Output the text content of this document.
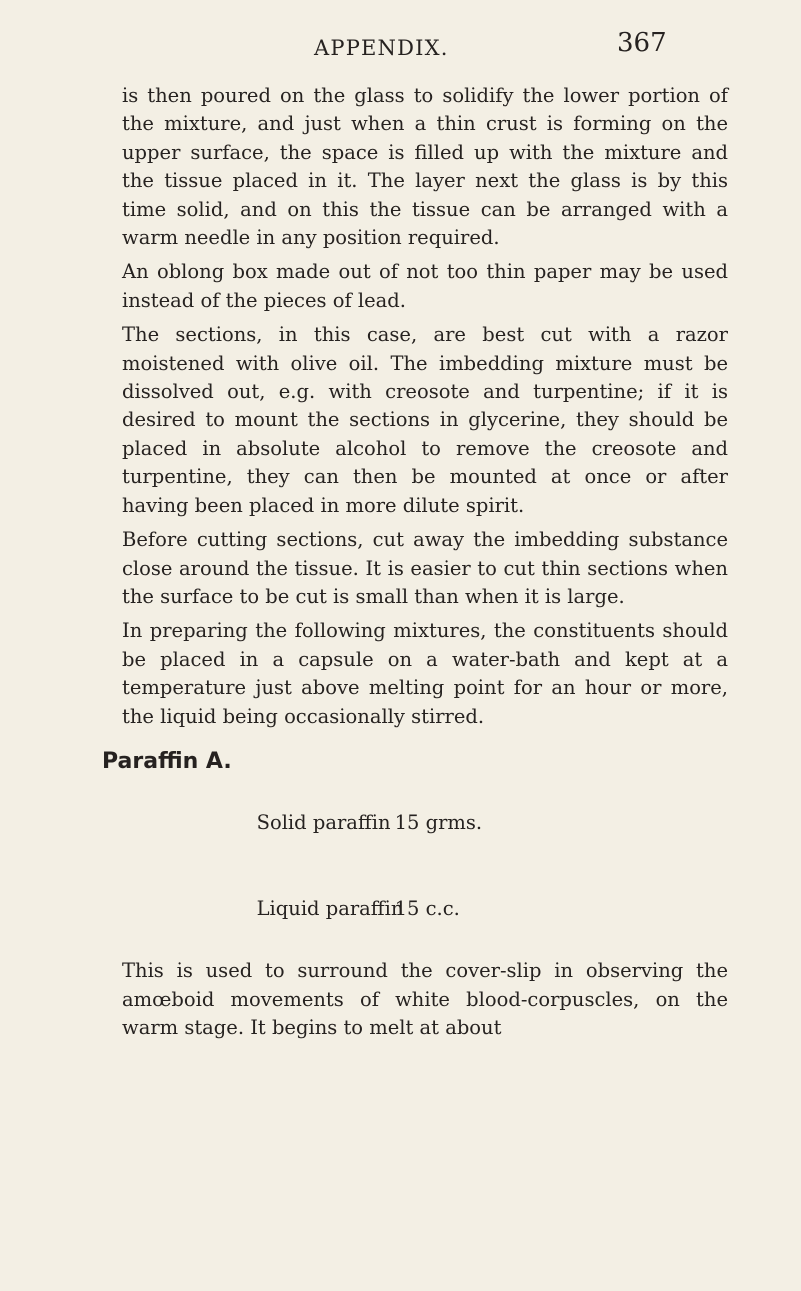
APPENDIX.	367

is then poured on the glass to solidify the lower portion of the mixture, and just when a thin crust is forming on the upper surface, the space is filled up with the mixture and the tissue placed in it. The layer next the glass is by this time solid, and on this the tissue can be arranged with a warm needle in any position required.

An oblong box made out of not too thin paper may be used instead of the pieces of lead.

The sections, in this case, are best cut with a razor moistened with olive oil. The imbedding mixture must be dissolved out, e.g. with creosote and turpentine; if it is desired to mount the sections in glycerine, they should be placed in absolute alcohol to remove the creosote and turpentine, they can then be mounted at once or after having been placed in more dilute spirit.

Before cutting sections, cut away the imbedding substance close around the tissue. It is easier to cut thin sections when the surface to be cut is small than when it is large.

In preparing the following mixtures, the constituents should be placed in a capsule on a water-bath and kept at a temperature just above melting point for an hour or more, the liquid being occasionally stirred.

Paraffin A.

Solid paraffin 15 grms.

Liquid paraffin15 c.c.

This is used to surround the cover-slip in observing the amœboid movements of white blood-corpuscles, on the warm stage. It begins to melt at about
